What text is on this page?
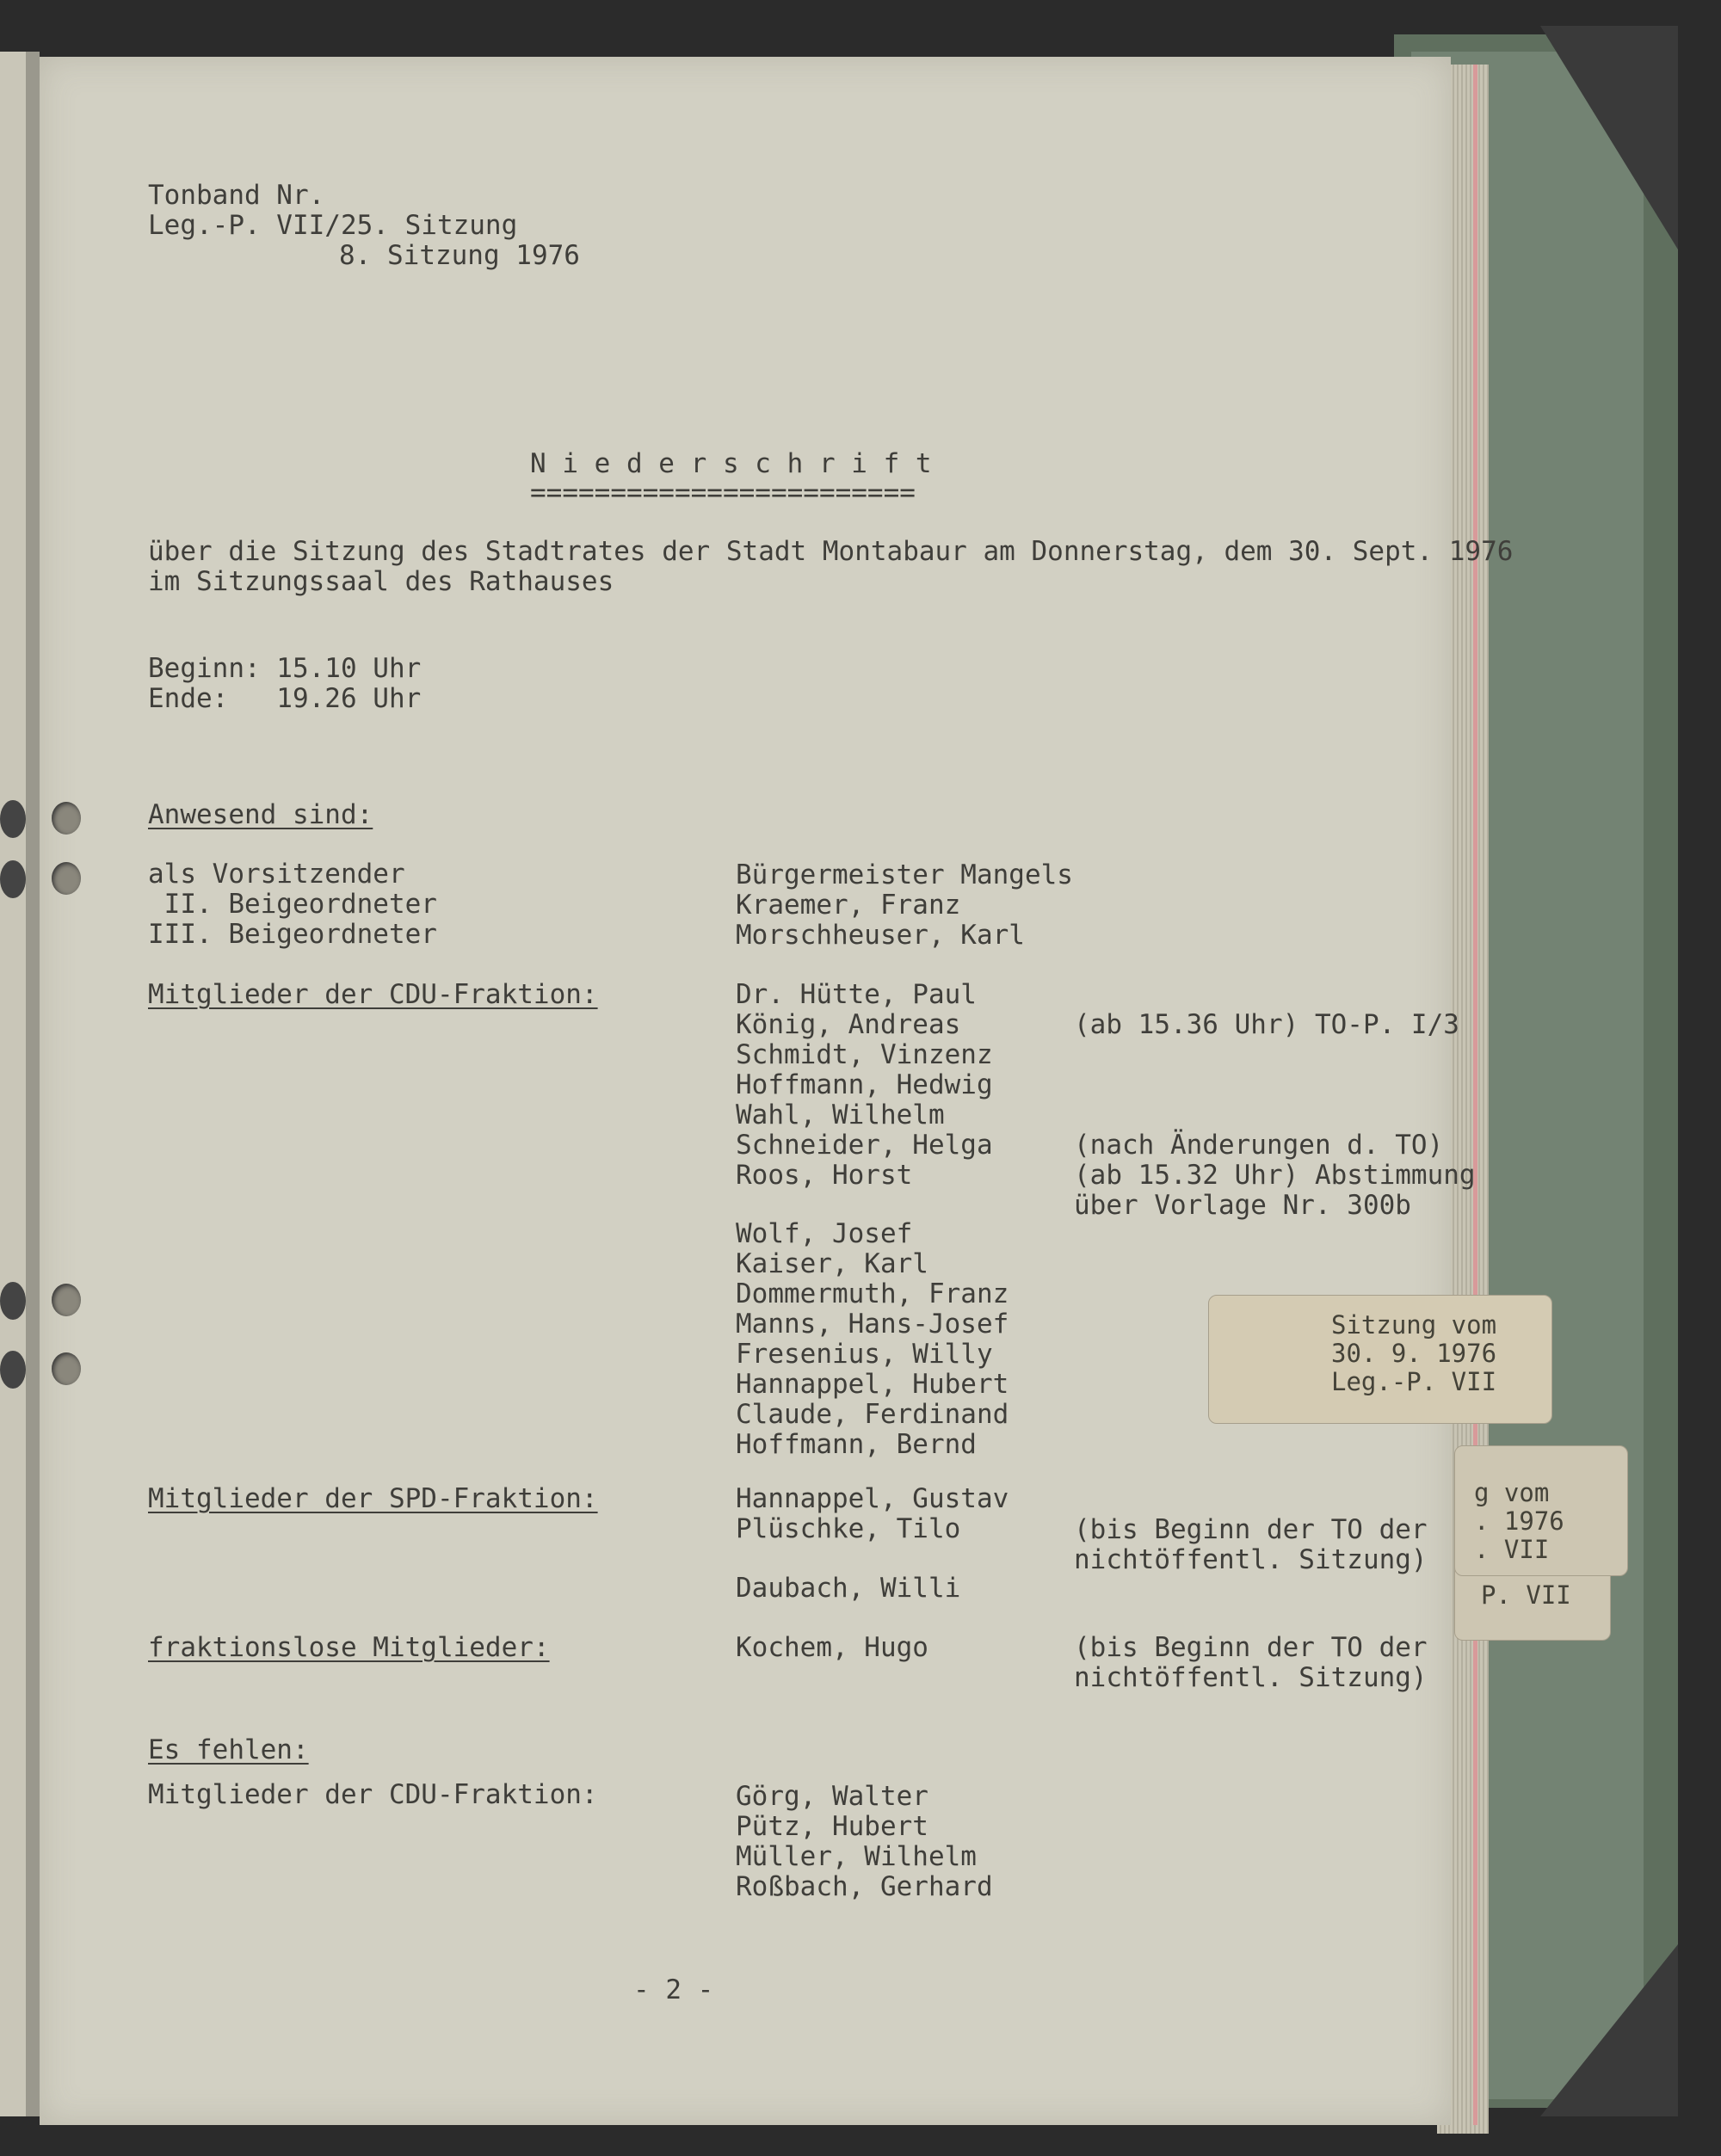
P. VII
g vom
. 1976
. VII
Tonband Nr.
Leg.-P. VII/25. Sitzung
8. Sitzung 1976
N i e d e r s c h r i f t
========================
über die Sitzung des Stadtrates der Stadt Montabaur am Donnerstag, dem 30. Sept. 1976
im Sitzungssaal des Rathauses
Beginn: 15.10 Uhr
Ende:   19.26 Uhr
Anwesend sind:
als Vorsitzender	Bürgermeister Mangels
II. Beigeordneter	Kraemer, Franz
III. Beigeordneter	Morschheuser, Karl
Mitglieder der CDU-Fraktion:	Dr. Hütte, Paul
König, Andreas	(ab 15.36 Uhr) TO-P. I/3
Schmidt, Vinzenz
Hoffmann, Hedwig
Wahl, Wilhelm
Schneider, Helga	(nach Änderungen d. TO)
Roos, Horst	(ab 15.32 Uhr) Abstimmung
über Vorlage Nr. 300b
Wolf, Josef
Kaiser, Karl
Dommermuth, Franz
Manns, Hans-Josef
Fresenius, Willy
Hannappel, Hubert
Claude, Ferdinand
Hoffmann, Bernd
Mitglieder der SPD-Fraktion:	Hannappel, Gustav
Plüschke, Tilo	(bis Beginn der TO der
nichtöffentl. Sitzung)
Daubach, Willi
fraktionslose Mitglieder:	Kochem, Hugo	(bis Beginn der TO der
nichtöffentl. Sitzung)
Es fehlen:
Mitglieder der CDU-Fraktion:	Görg, Walter
Pütz, Hubert
Müller, Wilhelm
Roßbach, Gerhard
- 2 -
Sitzung vom
30. 9. 1976
Leg.-P. VII
